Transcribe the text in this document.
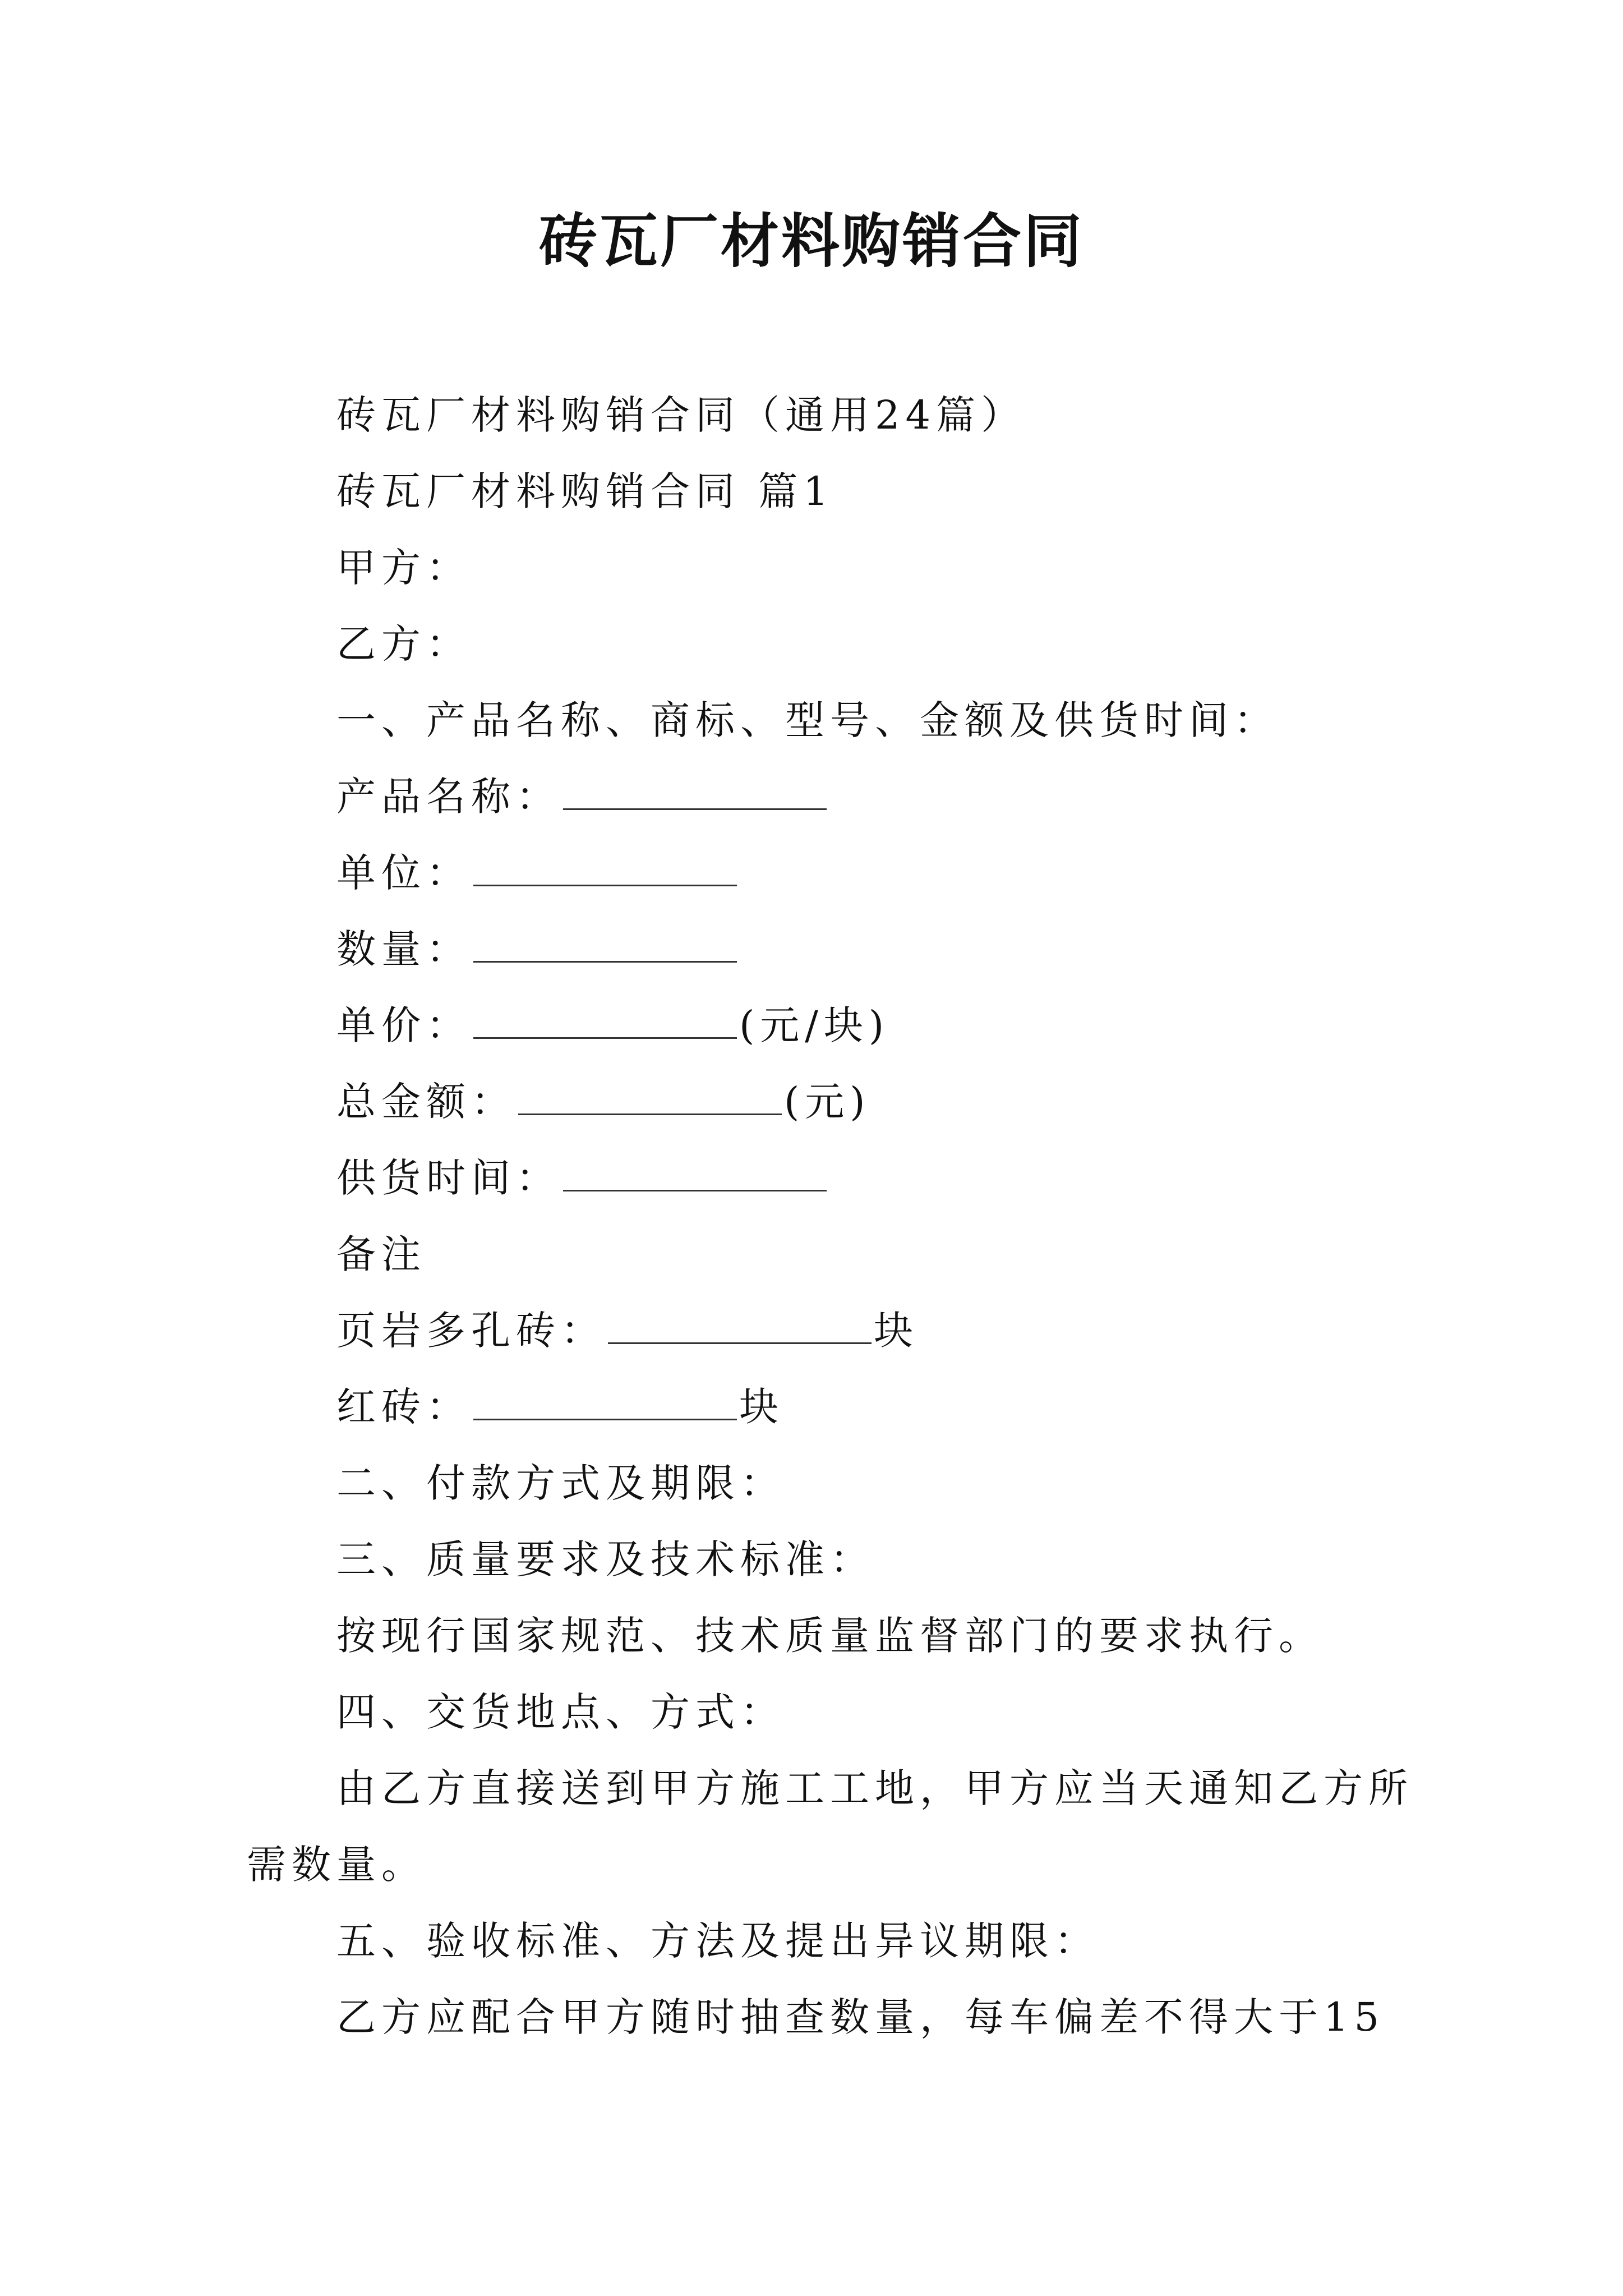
砖瓦厂材料购销合同
砖瓦厂材料购销合同（通用24篇）
砖瓦厂材料购销合同 篇1
甲方：
乙方：
一、产品名称、商标、型号、金额及供货时间：
产品名称：
单位：
数量：
单价：	(元/块)
总金额：	(元)
供货时间：
备注
页岩多孔砖：	块
红砖：	块
二、付款方式及期限：
三、质量要求及技术标准：
按现行国家规范、技术质量监督部门的要求执行。
四、交货地点、方式：
由乙方直接送到甲方施工工地，甲方应当天通知乙方所
需数量。
五、验收标准、方法及提出异议期限：
乙方应配合甲方随时抽查数量，每车偏差不得大于15
